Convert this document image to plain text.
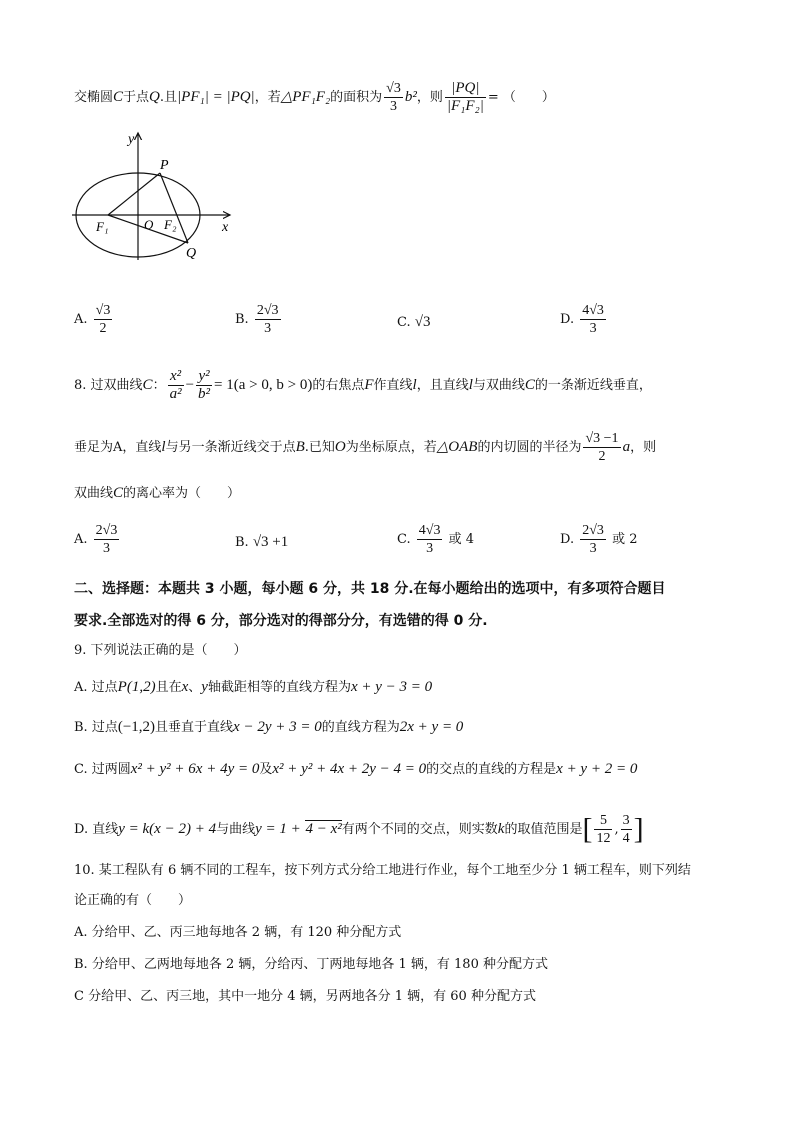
交椭圆C于点Q.且|PF₁| = |PQ|，若△PF₁F₂的面积为 $\frac{√3}{3} b^2$，则 $\frac{|PQ|}{\text{|F₁F₂|}}$ = （　　）
y
x
P
F₁	O F₂
Q
A. $\frac{√3}{2}$	B. $\frac{2√3}{3}$	C. √3	D. $\frac{4√3}{3}$
8. 过双曲线C： $\frac{\text{x²}}{\text{a²}} - \frac{\text{y²}}{\text{b²}} = 1(a > 0$, b > 0)的右焦点F作直线l，且直线l与双曲线C的一条渐近线垂直，
垂足为A，直线l与另一条渐近线交于点B.已知O为坐标原点，若△OAB的内切圆的半径为 $\frac{√3 -1}{2}$ a，则
双曲线C的离心率为（　　）
A. $\frac{2√3}{3}$	B. √3 +1	C. $\frac{4√3}{3}$ 或 4	D. $\frac{2√3}{3}$ 或 2
二、选择题：本题共 3 小题，每小题 6 分，共 18 分.在每小题给出的选项中，有多项符合题目
要求.全部选对的得 6 分，部分选对的得部分分，有选错的得 0 分.
9. 下列说法正确的是（　　）
A. 过点P(1,2)且在x、y轴截距相等的直线方程为x + y − 3 = 0
B. 过点(−1,2)且垂直于直线x − 2y + 3 = 0的直线方程为2x + y = 0
C. 过两圆x² + y² + 6x + 4y = 0及x² + y² + 4x + 2y − 4 = 0的交点的直线的方程是x + y + 2 = 0
D. 直线y = k(x − 2) + 4与曲线y = 1 + 4 − x²有两个不同的交点，则实数k的取值范围是[ $\frac{5}{12}$ , $\frac{3}{4}$ ]
10. 某工程队有 6 辆不同的工程车，按下列方式分给工地进行作业，每个工地至少分 1 辆工程车，则下列结
论正确的有（　　）
A. 分给甲、乙、丙三地每地各 2 辆，有 120 种分配方式
B. 分给甲、乙两地每地各 2 辆，分给丙、丁两地每地各 1 辆，有 180 种分配方式
C 分给甲、乙、丙三地，其中一地分 4 辆，另两地各分 1 辆，有 60 种分配方式
